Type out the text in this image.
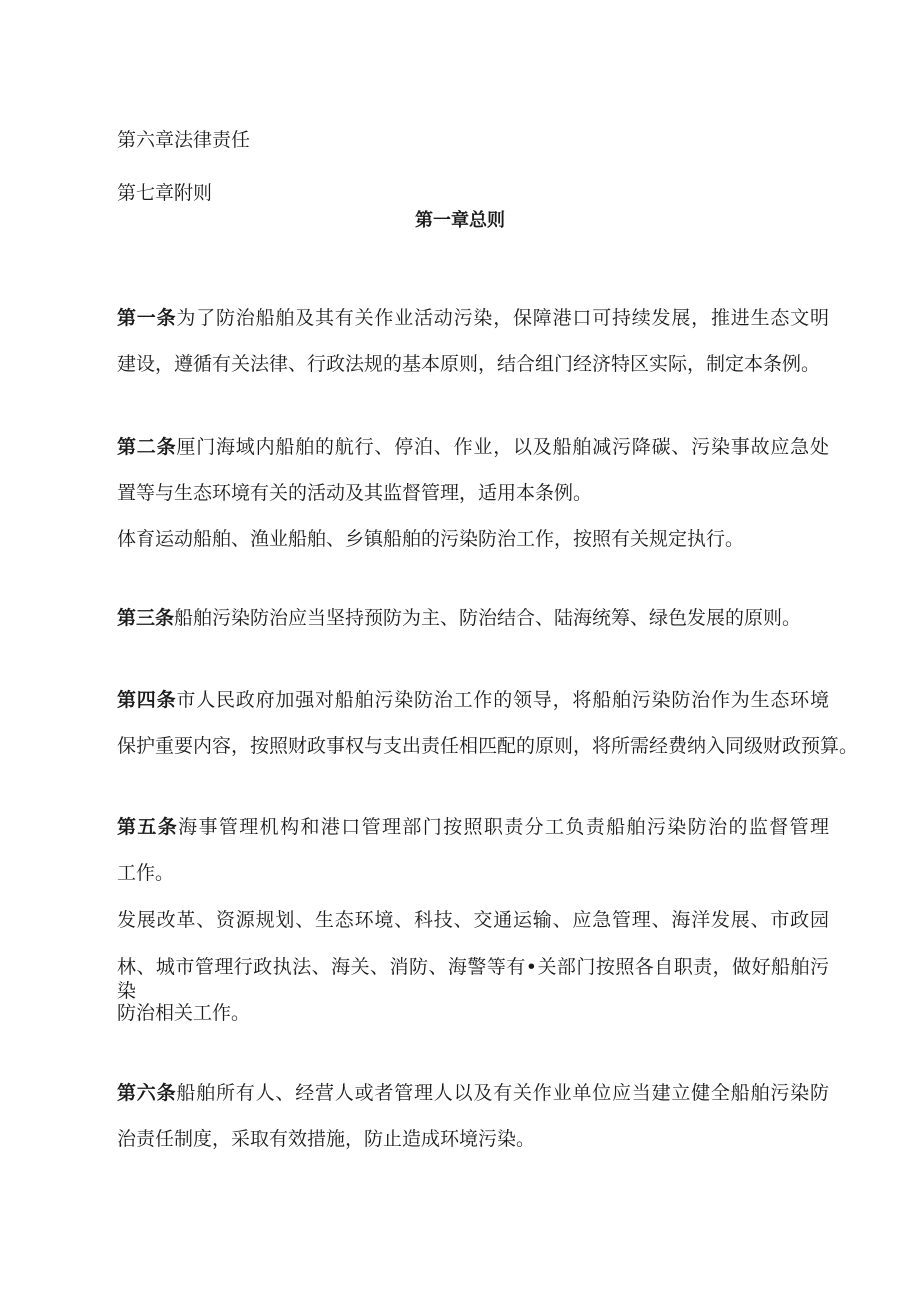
第六章法律责任

第七章附则

第一章总则

第一条为了防治船舶及其有关作业活动污染，保障港口可持续发展，推进生态文明

建设，遵循有关法律、行政法规的基本原则，结合组门经济特区实际，制定本条例。

第二条厘门海域内船舶的航行、停泊、作业，以及船舶减污降碳、污染事故应急处

置等与生态环境有关的活动及其监督管理，适用本条例。

体育运动船舶、渔业船舶、乡镇船舶的污染防治工作，按照有关规定执行。

第三条船舶污染防治应当坚持预防为主、防治结合、陆海统筹、绿色发展的原则。

第四条市人民政府加强对船舶污染防治工作的领导，将船舶污染防治作为生态环境

保护重要内容，按照财政事权与支出责任相匹配的原则，将所需经费纳入同级财政预算。

第五条海事管理机构和港口管理部门按照职责分工负责船舶污染防治的监督管理

工作。

发展改革、资源规划、生态环境、科技、交通运输、应急管理、海洋发展、市政园

林、城市管理行政执法、海关、消防、海警等有•关部门按照各自职责，做好船舶污染

防治相关工作。

第六条船舶所有人、经营人或者管理人以及有关作业单位应当建立健全船舶污染防

治责任制度，采取有效措施，防止造成环境污染。
